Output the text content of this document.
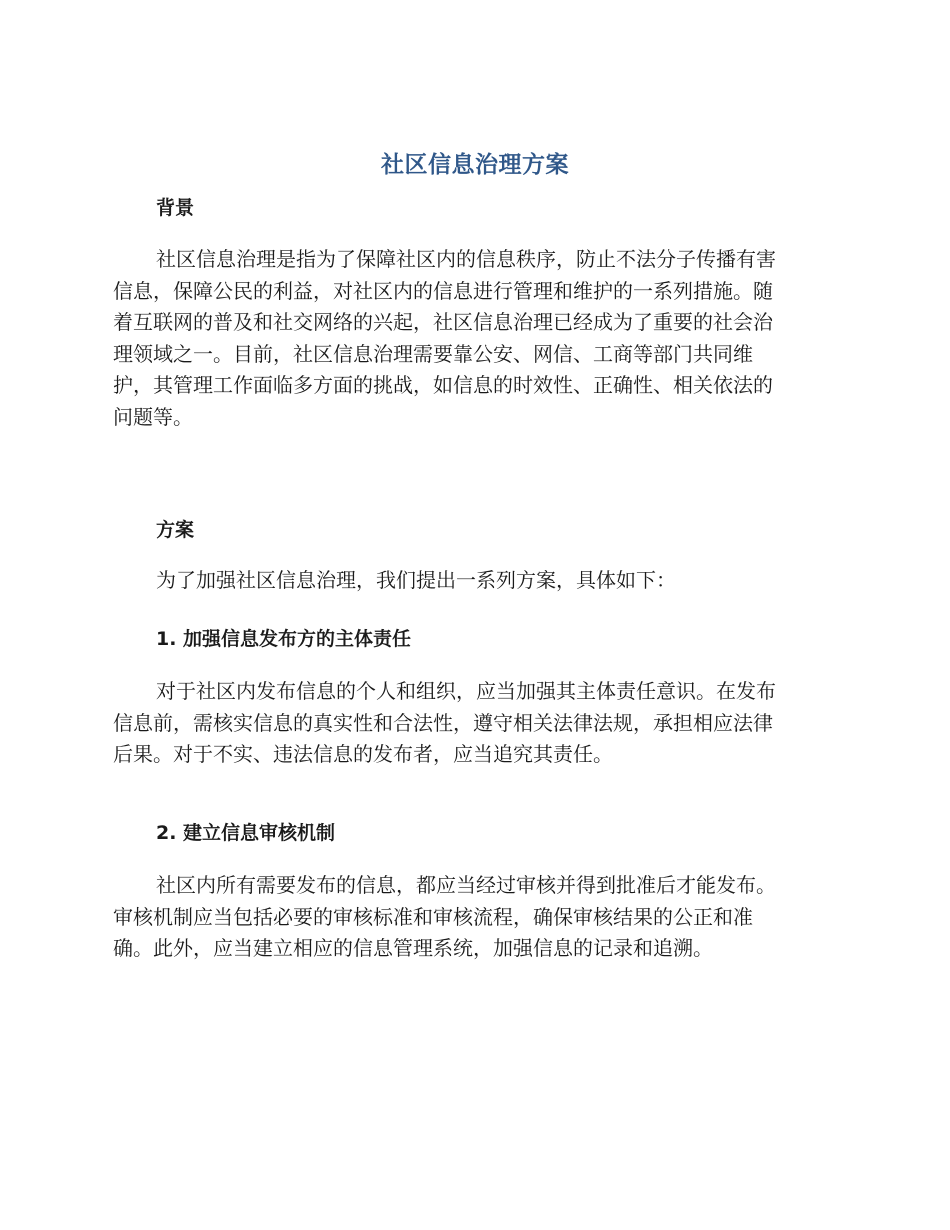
社区信息治理方案
背景
社区信息治理是指为了保障社区内的信息秩序，防止不法分子传播有害
信息，保障公民的利益，对社区内的信息进行管理和维护的一系列措施。随
着互联网的普及和社交网络的兴起，社区信息治理已经成为了重要的社会治
理领域之一。目前，社区信息治理需要靠公安、网信、工商等部门共同维
护，其管理工作面临多方面的挑战，如信息的时效性、正确性、相关依法的
问题等。
方案
为了加强社区信息治理，我们提出一系列方案，具体如下：
1. 加强信息发布方的主体责任
对于社区内发布信息的个人和组织，应当加强其主体责任意识。在发布
信息前，需核实信息的真实性和合法性，遵守相关法律法规，承担相应法律
后果。对于不实、违法信息的发布者，应当追究其责任。
2. 建立信息审核机制
社区内所有需要发布的信息，都应当经过审核并得到批准后才能发布。
审核机制应当包括必要的审核标准和审核流程，确保审核结果的公正和准
确。此外，应当建立相应的信息管理系统，加强信息的记录和追溯。
